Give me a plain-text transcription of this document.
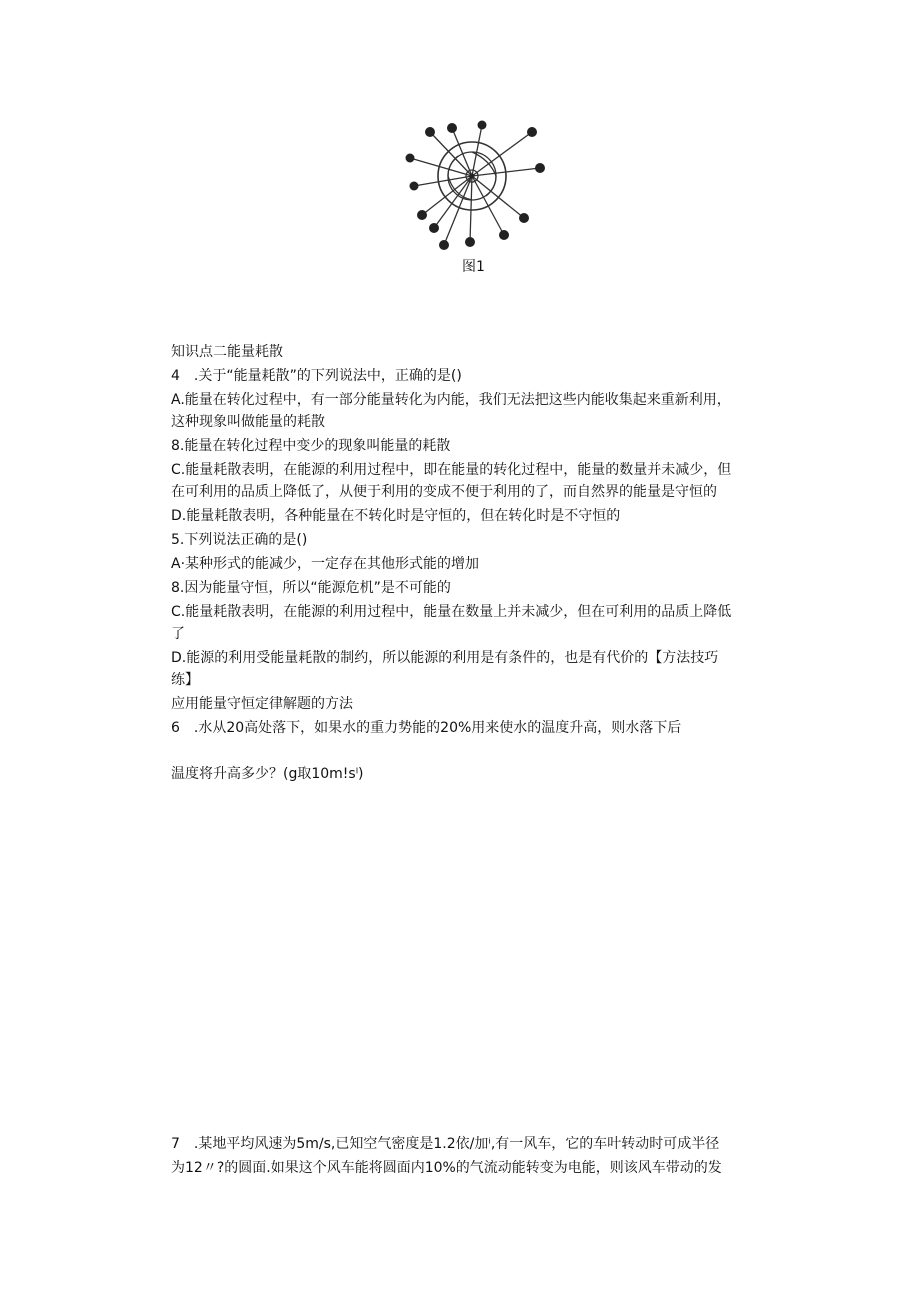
图1
知识点二能量耗散
4　.关于“能量耗散”的下列说法中，正确的是()
A.能量在转化过程中，有一部分能量转化为内能，我们无法把这些内能收集起来重新利用，
这种现象叫做能量的耗散
8.能量在转化过程中变少的现象叫能量的耗散
C.能量耗散表明，在能源的利用过程中，即在能量的转化过程中，能量的数量并未减少，但
在可利用的品质上降低了，从便于利用的变成不便于利用的了，而自然界的能量是守恒的
D.能量耗散表明，各种能量在不转化时是守恒的，但在转化时是不守恒的
5.下列说法正确的是()
A·某种形式的能减少，一定存在其他形式能的增加
8.因为能量守恒，所以“能源危机”是不可能的
C.能量耗散表明，在能源的利用过程中，能量在数量上并未减少，但在可利用的品质上降低
了
D.能源的利用受能量耗散的制约，所以能源的利用是有条件的，也是有代价的【方法技巧
练】
应用能量守恒定律解题的方法
6　.水从20高处落下，如果水的重力势能的20%用来使水的温度升高，则水落下后
温度将升高多少？(g取10m!sˡ)
7　.某地平均风速为5m∕s,已知空气密度是1.2依/加ⁱ,有一风车，它的车叶转动时可成半径
为12〃?的圆面.如果这个风车能将圆面内10%的气流动能转变为电能，则该风车带动的发
